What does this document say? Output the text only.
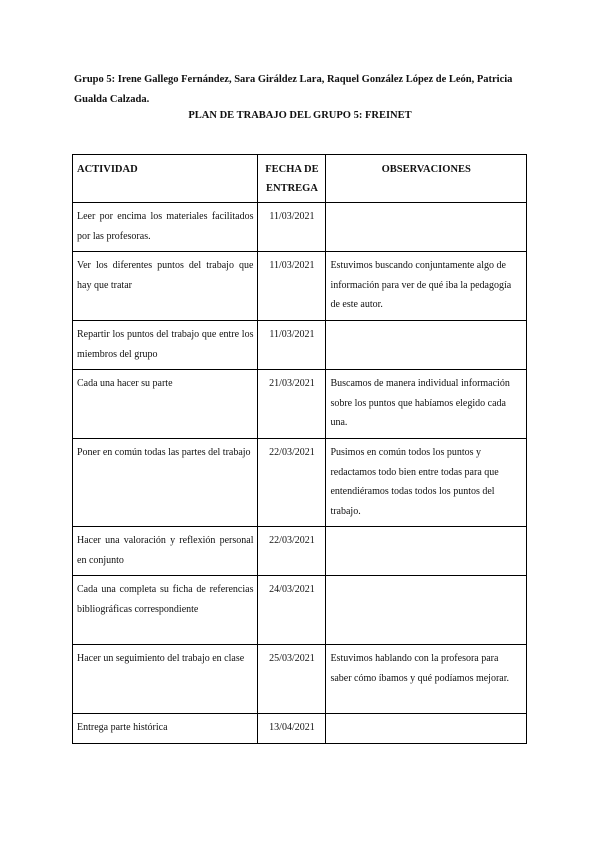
Grupo 5: Irene Gallego Fernández, Sara Giráldez Lara, Raquel González López de León, Patricia Gualda Calzada.
PLAN DE TRABAJO DEL GRUPO 5: FREINET
ACTIVIDAD	FECHA DE ENTREGA	OBSERVACIONES
Leer por encima los materiales facilitados por las profesoras.	11/03/2021	
Ver los diferentes puntos del trabajo que hay que tratar	11/03/2021	Estuvimos buscando conjuntamente algo de información para ver de qué iba la pedagogía de este autor.
Repartir los puntos del trabajo que entre los miembros del grupo	11/03/2021	
Cada una hacer su parte	21/03/2021	Buscamos de manera individual información sobre los puntos que habíamos elegido cada una.
Poner en común todas las partes del trabajo	22/03/2021	Pusimos en común todos los puntos y redactamos todo bien entre todas para que entendiéramos todas todos los puntos del trabajo.
Hacer una valoración y reflexión personal en conjunto	22/03/2021	
Cada una completa su ficha de referencias bibliográficas correspondiente	24/03/2021	
Hacer un seguimiento del trabajo en clase	25/03/2021	Estuvimos hablando con la profesora para saber cómo íbamos y qué podíamos mejorar.
Entrega parte histórica	13/04/2021	
